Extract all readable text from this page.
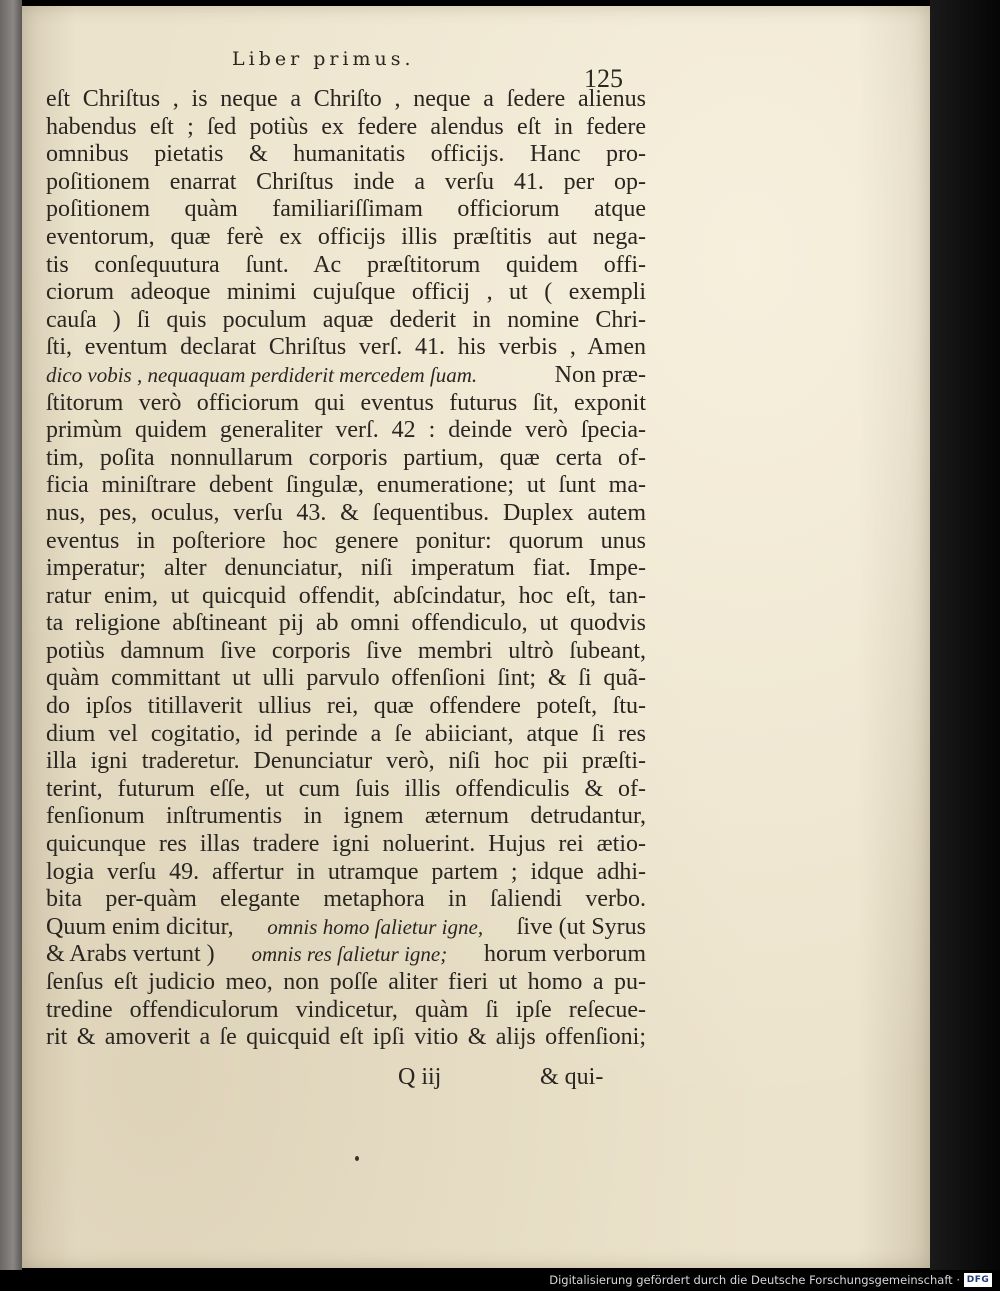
Liber primus.
125
eſt Chriſtus , is neque a Chriſto , neque a ſedere alienus
habendus eſt ; ſed potiùs ex federe alendus eſt in federe
omnibus pietatis & humanitatis officijs. Hanc pro-
poſitionem enarrat Chriſtus inde a verſu 41. per op-
poſitionem quàm familiariſſimam officiorum atque
eventorum, quæ ferè ex officijs illis præſtitis aut nega-
tis conſequutura ſunt. Ac præſtitorum quidem offi-
ciorum adeoque minimi cujuſque officij , ut ( exempli
cauſa ) ſi quis poculum aquæ dederit in nomine Chri-
ſti, eventum declarat Chriſtus verſ. 41. his verbis , Amen
dico vobis , nequaquam perdiderit mercedem ſuam.	Non præ-
ſtitorum verò officiorum qui eventus futurus ſit, exponit
primùm quidem generaliter verſ. 42 : deinde verò ſpecia-
tim, poſita nonnullarum corporis partium, quæ certa of-
ficia miniſtrare debent ſingulæ, enumeratione; ut ſunt ma-
nus, pes, oculus, verſu 43. & ſequentibus. Duplex autem
eventus in poſteriore hoc genere ponitur: quorum unus
imperatur; alter denunciatur, niſi imperatum fiat. Impe-
ratur enim, ut quicquid offendit, abſcindatur, hoc eſt, tan-
ta religione abſtineant pij ab omni offendiculo, ut quodvis
potiùs damnum ſive corporis ſive membri ultrò ſubeant,
quàm committant ut ulli parvulo offenſioni ſint; & ſi quã-
do ipſos titillaverit ullius rei, quæ offendere poteſt, ſtu-
dium vel cogitatio, id perinde a ſe abiiciant, atque ſi res
illa igni traderetur. Denunciatur verò, niſi hoc pii præſti-
terint, futurum eſſe, ut cum ſuis illis offendiculis & of-
fenſionum inſtrumentis in ignem æternum detrudantur,
quicunque res illas tradere igni noluerint. Hujus rei ætio-
logia verſu 49. affertur in utramque partem ; idque adhi-
bita per-quàm elegante metaphora in ſaliendi verbo.
Quum enim dicitur, omnis homo ſalietur igne, ſive (ut Syrus
& Arabs vertunt ) omnis res ſalietur igne; horum verborum
ſenſus eſt judicio meo, non poſſe aliter fieri ut homo a pu-
tredine offendiculorum vindicetur, quàm ſi ipſe reſecue-
rit & amoverit a ſe quicquid eſt ipſi vitio & alijs offenſioni;
Q iij	& qui-
Digitalisierung gefördert durch die Deutsche Forschungsgemeinschaft · DFG
